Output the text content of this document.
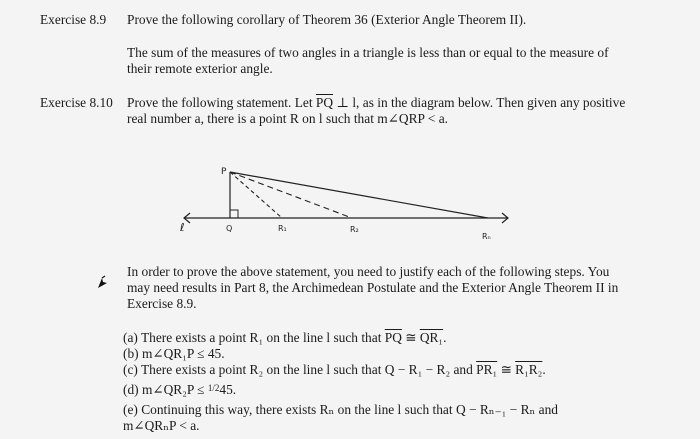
Exercise 8.9 Prove the following corollary of Theorem 36 (Exterior Angle Theorem II).
The sum of the measures of two angles in a triangle is less than or equal to the measure of
their remote exterior angle.
Exercise 8.10 Prove the following statement. Let $\overline{PQ}$ ⊥ l, as in the diagram below. Then given any positive
real number a, there is a point R on l such that m∠QRP < a.
P
ℓ	Q	R₁	R₂
Rₙ
In order to prove the above statement, you need to justify each of the following steps. You
may need results in Part 8, the Archimedean Postulate and the Exterior Angle Theorem II in
Exercise 8.9.
(a) There exists a point R₁ on the line l such that $\overline{PQ}$ ≅ QR₁.
(b) m∠QR₁P ≤ 45.
(c) There exists a point R₂ on the line l such that Q − R₁ − R₂ and PR₁ ≅ R₁R₂.
(d) m∠QR₂P ≤ $^{1/2}$45.
(e) Continuing this way, there exists Rₙ on the line l such that Q − Rₙ₋₁ − Rₙ and
m∠QRₙP < a.
